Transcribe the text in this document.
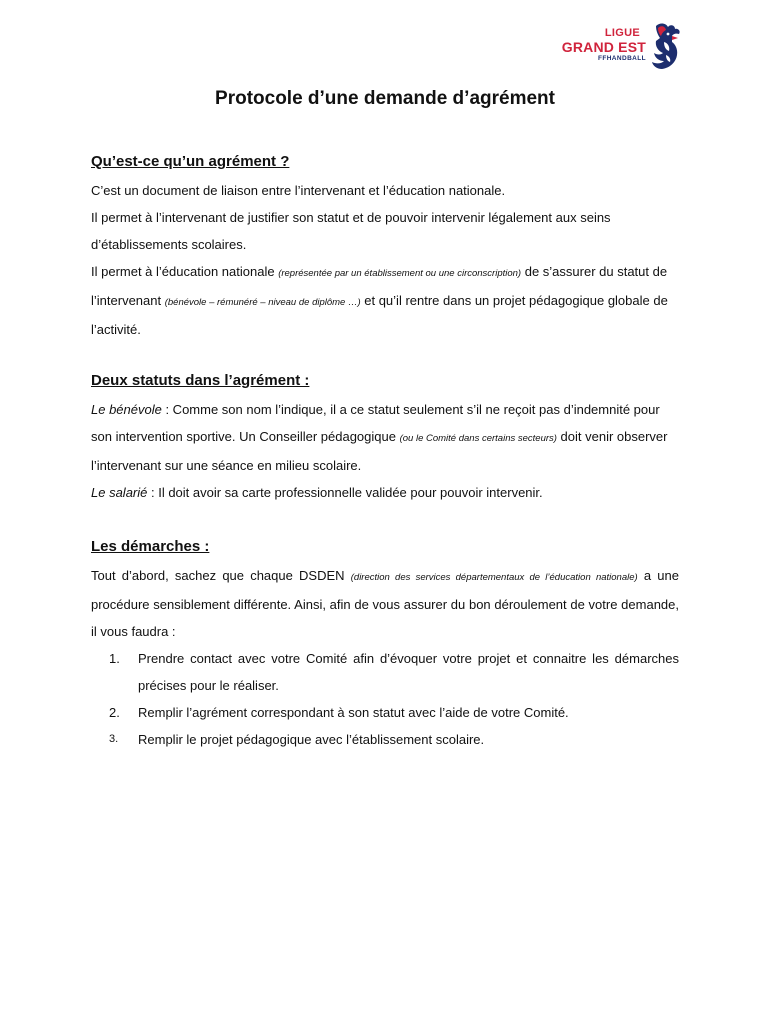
LIGUE
GRAND EST
FFHANDBALL
Protocole d’une demande d’agrément
Qu’est-ce qu’un agrément ?

C’est un document de liaison entre l’intervenant et l’éducation nationale.

Il permet à l’intervenant de justifier son statut et de pouvoir intervenir légalement aux seins d’établissements scolaires.

Il permet à l’éducation nationale (représentée par un établissement ou une circonscription) de s’assurer du statut de l’intervenant (bénévole – rémunéré – niveau de diplôme …) et qu’il rentre dans un projet pédagogique globale de l’activité.

Deux statuts dans l’agrément :

Le bénévole : Comme son nom l’indique, il a ce statut seulement s’il ne reçoit pas d’indemnité pour son intervention sportive. Un Conseiller pédagogique (ou le Comité dans certains secteurs) doit venir observer l’intervenant sur une séance en milieu scolaire.

Le salarié : Il doit avoir sa carte professionnelle validée pour pouvoir intervenir.

Les démarches :

Tout d’abord, sachez que chaque DSDEN (direction des services départementaux de l’éducation nationale) a une procédure sensiblement différente. Ainsi, afin de vous assurer du bon déroulement de votre demande, il vous faudra :

1. Prendre contact avec votre Comité afin d’évoquer votre projet et connaitre les démarches précises pour le réaliser.
2. Remplir l’agrément correspondant à son statut avec l’aide de votre Comité.
3. Remplir le projet pédagogique avec l’établissement scolaire.
